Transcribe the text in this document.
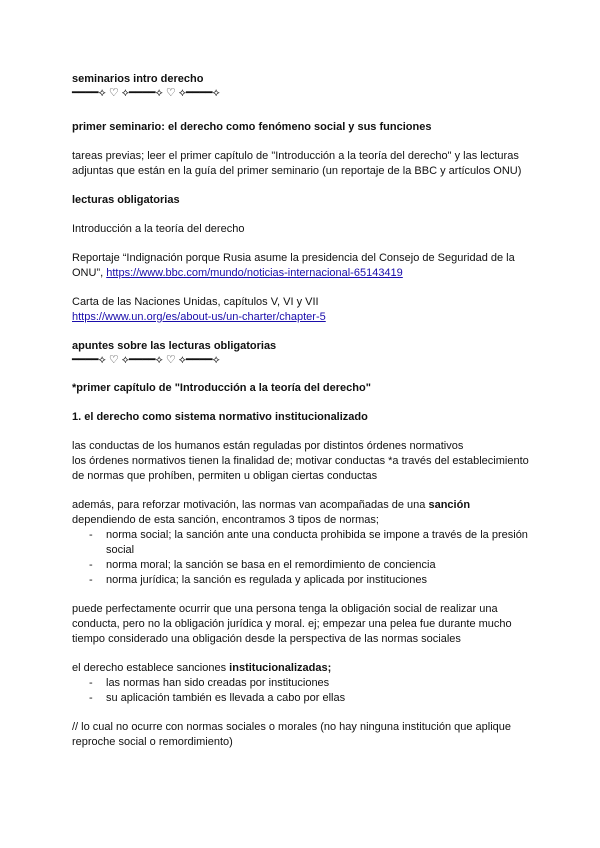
seminarios intro derecho

━━━━⟡ ♡ ⟡━━━━⟡ ♡ ⟡━━━━⟡

primer seminario: el derecho como fenómeno social y sus funciones

tareas previas; leer el primer capítulo de "Introducción a la teoría del derecho" y las lecturas adjuntas que están en la guía del primer seminario (un reportaje de la BBC y artículos ONU)

lecturas obligatorias

Introducción a la teoría del derecho

Reportaje “Indignación porque Rusia asume la presidencia del Consejo de Seguridad de la ONU”, https://www.bbc.com/mundo/noticias-internacional-65143419

Carta de las Naciones Unidas, capítulos V, VI y VII

https://www.un.org/es/about-us/un-charter/chapter-5

apuntes sobre las lecturas obligatorias

━━━━⟡ ♡ ⟡━━━━⟡ ♡ ⟡━━━━⟡

*primer capítulo de "Introducción a la teoría del derecho"

1. el derecho como sistema normativo institucionalizado

las conductas de los humanos están reguladas por distintos órdenes normativos

los órdenes normativos tienen la finalidad de; motivar conductas *a través del establecimiento de normas que prohíben, permiten u obligan ciertas conductas

además, para reforzar motivación, las normas van acompañadas de una sanción

dependiendo de esta sanción, encontramos 3 tipos de normas;

- norma social; la sanción ante una conducta prohibida se impone a través de la presión social
- norma moral; la sanción se basa en el remordimiento de conciencia
- norma jurídica; la sanción es regulada y aplicada por instituciones

puede perfectamente ocurrir que una persona tenga la obligación social de realizar una conducta, pero no la obligación jurídica y moral. ej; empezar una pelea fue durante mucho tiempo considerado una obligación desde la perspectiva de las normas sociales

el derecho establece sanciones institucionalizadas;

- las normas han sido creadas por instituciones
- su aplicación también es llevada a cabo por ellas

// lo cual no ocurre con normas sociales o morales (no hay ninguna institución que aplique reproche social o remordimiento)
